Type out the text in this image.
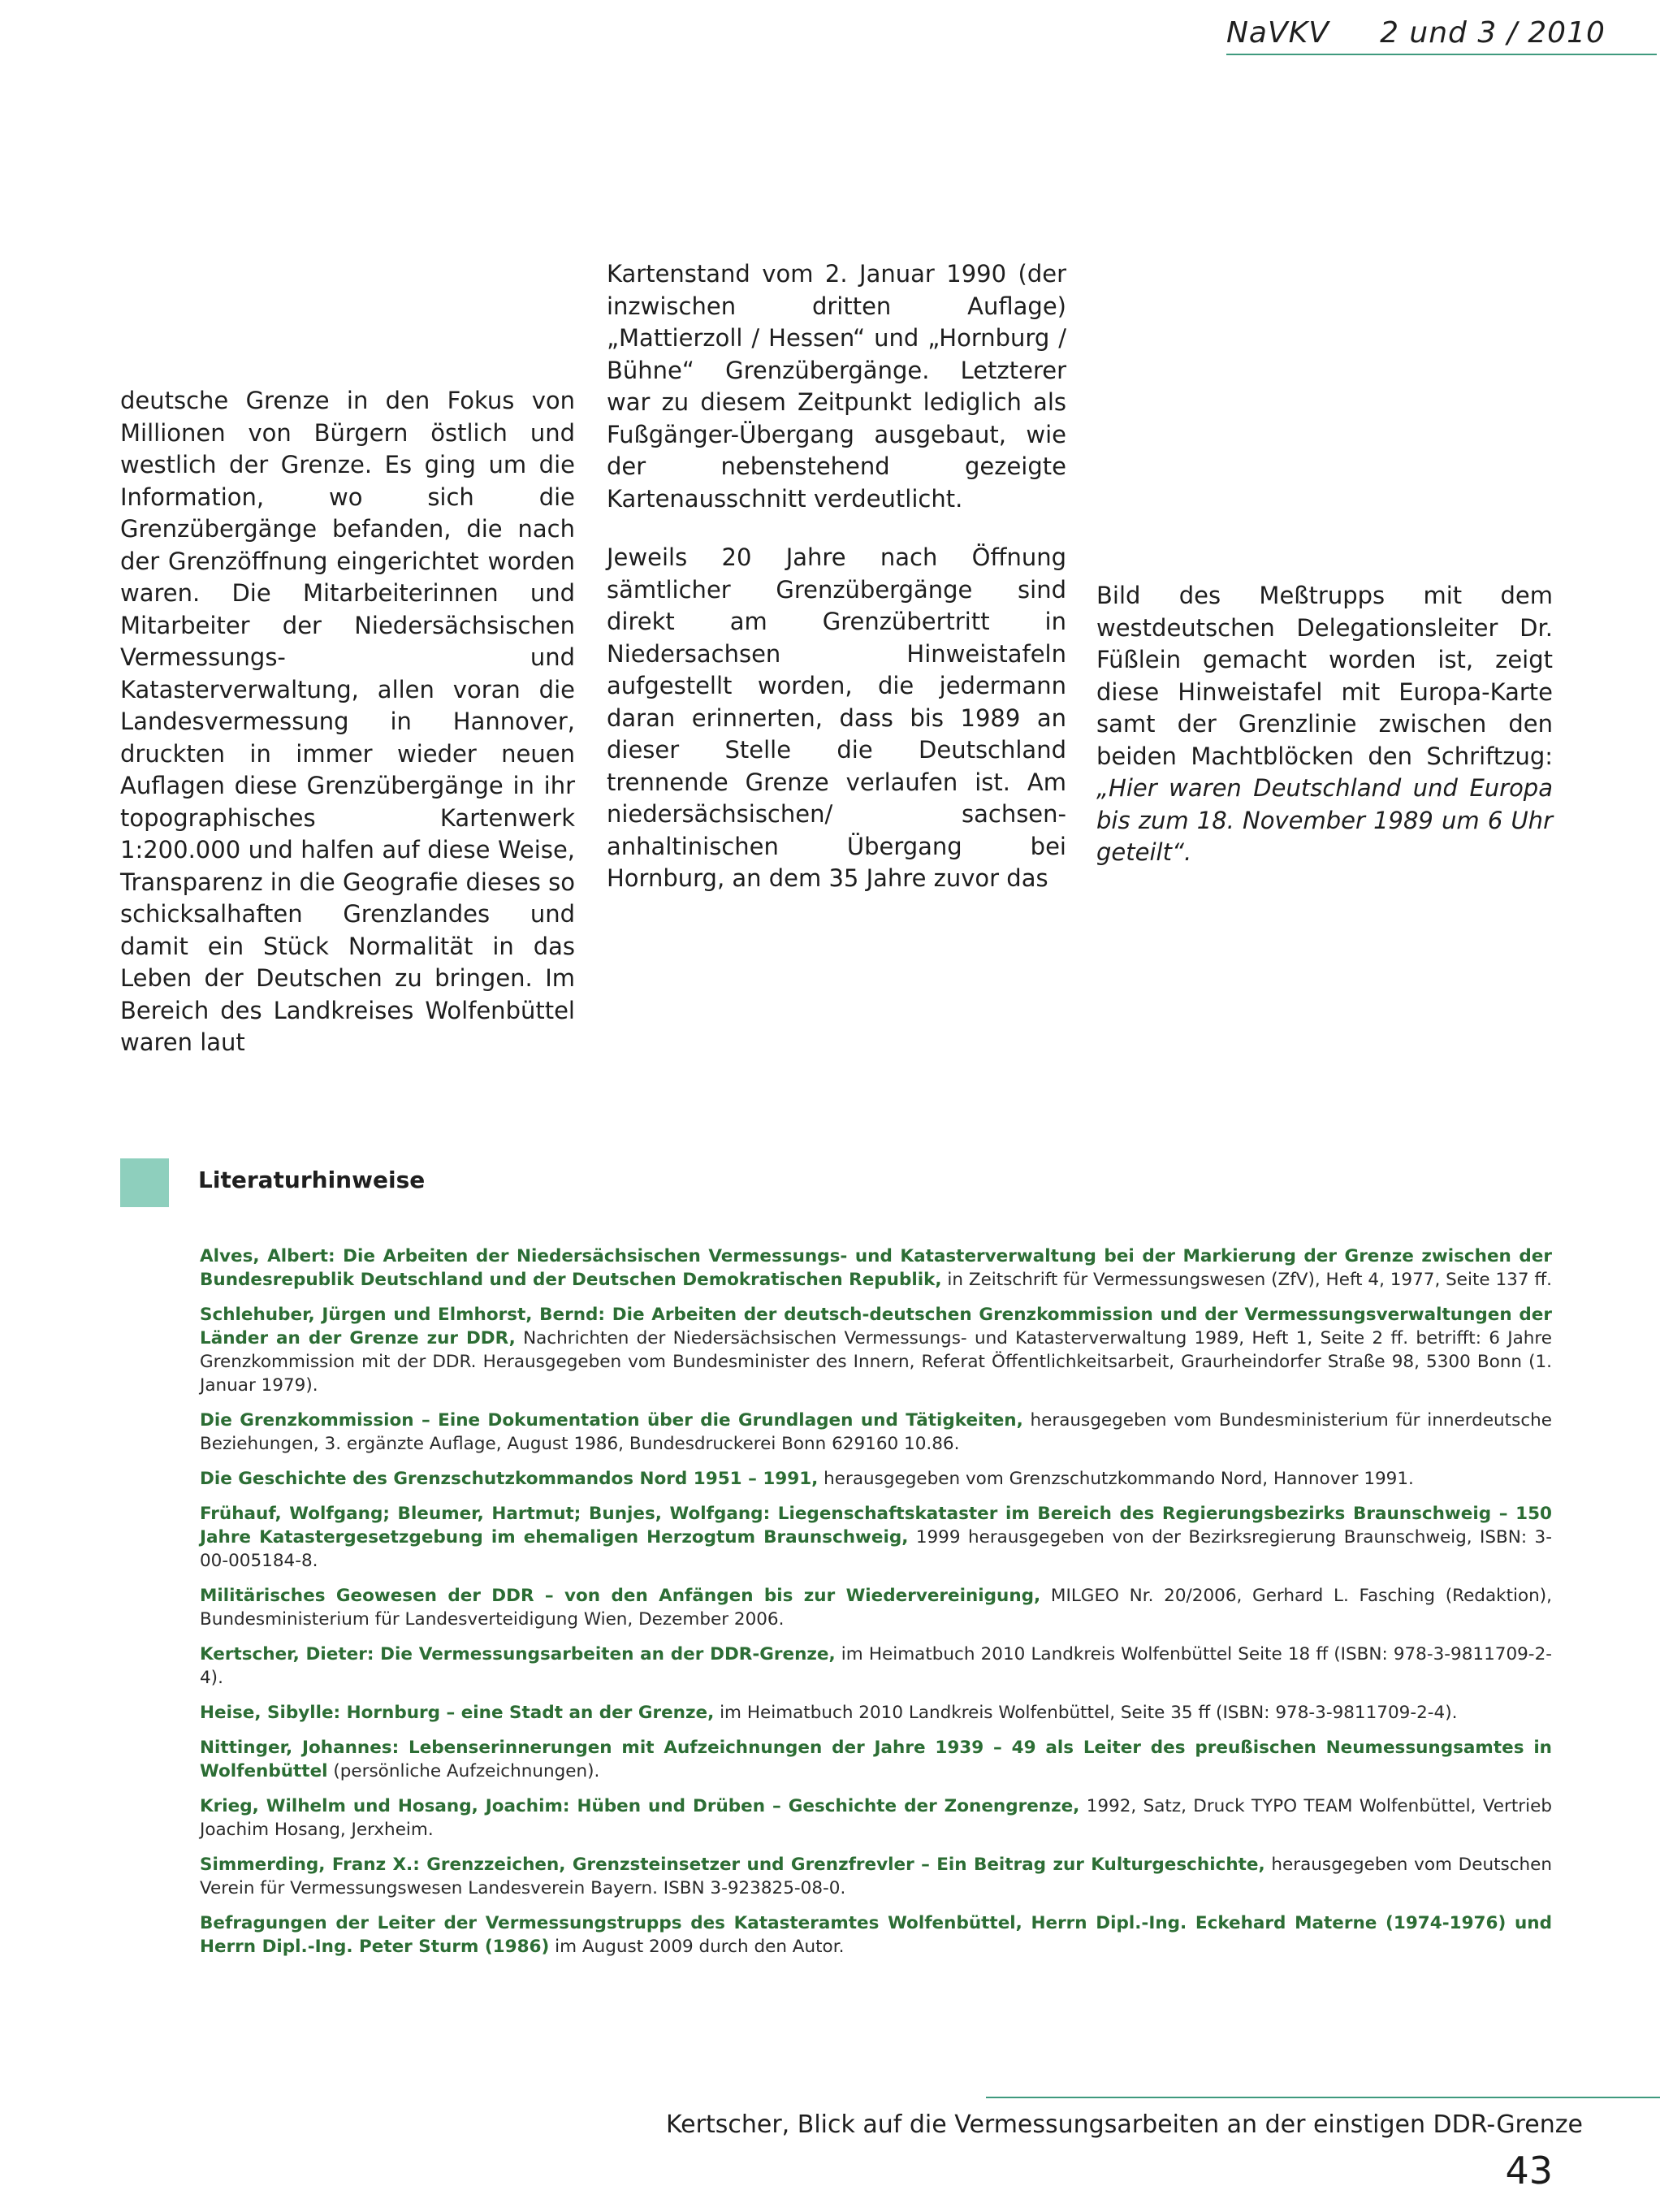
NaVKV     2 und 3 / 2010

deutsche Grenze in den Fokus von Millionen von Bürgern östlich und westlich der Grenze. Es ging um die Information, wo sich die Grenzübergänge befanden, die nach der Grenzöffnung eingerichtet worden waren. Die Mitarbeiterinnen und Mitarbeiter der Niedersächsischen Vermessungs- und Katasterverwaltung, allen voran die Landesvermessung in Hannover, druckten in immer wieder neuen Auflagen diese Grenzübergänge in ihr topographisches Kartenwerk 1:200.000 und halfen auf diese Weise, Transparenz in die Geografie dieses so schicksalhaften Grenzlandes und damit ein Stück Normalität in das Leben der Deutschen zu bringen. Im Bereich des Landkreises Wolfenbüttel waren laut

Kartenstand vom 2. Januar 1990 (der inzwischen dritten Auflage) „Mattierzoll / Hessen“ und „Hornburg / Bühne“ Grenzübergänge. Letzterer war zu diesem Zeitpunkt lediglich als Fußgänger-Übergang ausgebaut, wie der nebenstehend gezeigte Kartenausschnitt verdeutlicht.

Jeweils 20 Jahre nach Öffnung sämtlicher Grenzübergänge sind direkt am Grenzübertritt in Niedersachsen Hinweistafeln aufgestellt worden, die jedermann daran erinnerten, dass bis 1989 an dieser Stelle die Deutschland trennende Grenze verlaufen ist. Am niedersächsischen/ sachsen-anhaltinischen Übergang bei Hornburg, an dem 35 Jahre zuvor das

Bild des Meßtrupps mit dem westdeutschen Delegationsleiter Dr. Füßlein gemacht worden ist, zeigt diese Hinweistafel mit Europa-Karte samt der Grenzlinie zwischen den beiden Machtblöcken den Schriftzug: „Hier waren Deutschland und Europa bis zum 18. November 1989 um 6 Uhr geteilt“.

Literaturhinweise

Alves, Albert: Die Arbeiten der Niedersächsischen Vermessungs- und Katasterverwaltung bei der Markierung der Grenze zwischen der Bundesrepublik Deutschland und der Deutschen Demokratischen Republik, in Zeitschrift für Vermessungswesen (ZfV), Heft 4, 1977, Seite 137 ff.

Schlehuber, Jürgen und Elmhorst, Bernd: Die Arbeiten der deutsch-deutschen Grenzkommission und der Vermessungsverwaltungen der Länder an der Grenze zur DDR, Nachrichten der Niedersächsischen Vermessungs- und Katasterverwaltung 1989, Heft 1, Seite 2 ff. betrifft: 6 Jahre Grenzkommission mit der DDR. Herausgegeben vom Bundesminister des Innern, Referat Öffentlichkeitsarbeit, Graurheindorfer Straße 98, 5300 Bonn (1. Januar 1979).

Die Grenzkommission – Eine Dokumentation über die Grundlagen und Tätigkeiten, herausgegeben vom Bundesministerium für innerdeutsche Beziehungen, 3. ergänzte Auflage, August 1986, Bundesdruckerei Bonn 629160 10.86.

Die Geschichte des Grenzschutzkommandos Nord 1951 – 1991, herausgegeben vom Grenzschutzkommando Nord, Hannover 1991.

Frühauf, Wolfgang; Bleumer, Hartmut; Bunjes, Wolfgang: Liegenschaftskataster im Bereich des Regierungsbezirks Braunschweig – 150 Jahre Katastergesetzgebung im ehemaligen Herzogtum Braunschweig, 1999 herausgegeben von der Bezirksregierung Braunschweig, ISBN: 3-00-005184-8.

Militärisches Geowesen der DDR – von den Anfängen bis zur Wiedervereinigung, MILGEO Nr. 20/2006, Gerhard L. Fasching (Redaktion), Bundesministerium für Landesverteidigung Wien, Dezember 2006.

Kertscher, Dieter: Die Vermessungsarbeiten an der DDR-Grenze, im Heimatbuch 2010 Landkreis Wolfenbüttel Seite 18 ff (ISBN: 978-3-9811709-2-4).

Heise, Sibylle: Hornburg – eine Stadt an der Grenze, im Heimatbuch 2010 Landkreis Wolfenbüttel, Seite 35 ff (ISBN: 978-3-9811709-2-4).

Nittinger, Johannes: Lebenserinnerungen mit Aufzeichnungen der Jahre 1939 – 49 als Leiter des preußischen Neumessungsamtes in Wolfenbüttel (persönliche Aufzeichnungen).

Krieg, Wilhelm und Hosang, Joachim: Hüben und Drüben – Geschichte der Zonengrenze, 1992, Satz, Druck TYPO TEAM Wolfenbüttel, Vertrieb Joachim Hosang, Jerxheim.

Simmerding, Franz X.: Grenzzeichen, Grenzsteinsetzer und Grenzfrevler – Ein Beitrag zur Kulturgeschichte, herausgegeben vom Deutschen Verein für Vermessungswesen Landesverein Bayern. ISBN 3-923825-08-0.

Befragungen der Leiter der Vermessungstrupps des Katasteramtes Wolfenbüttel, Herrn Dipl.-Ing. Eckehard Materne (1974-1976) und Herrn Dipl.-Ing. Peter Sturm (1986) im August 2009 durch den Autor.

Kertscher, Blick auf die Vermessungsarbeiten an der einstigen DDR-Grenze
43
